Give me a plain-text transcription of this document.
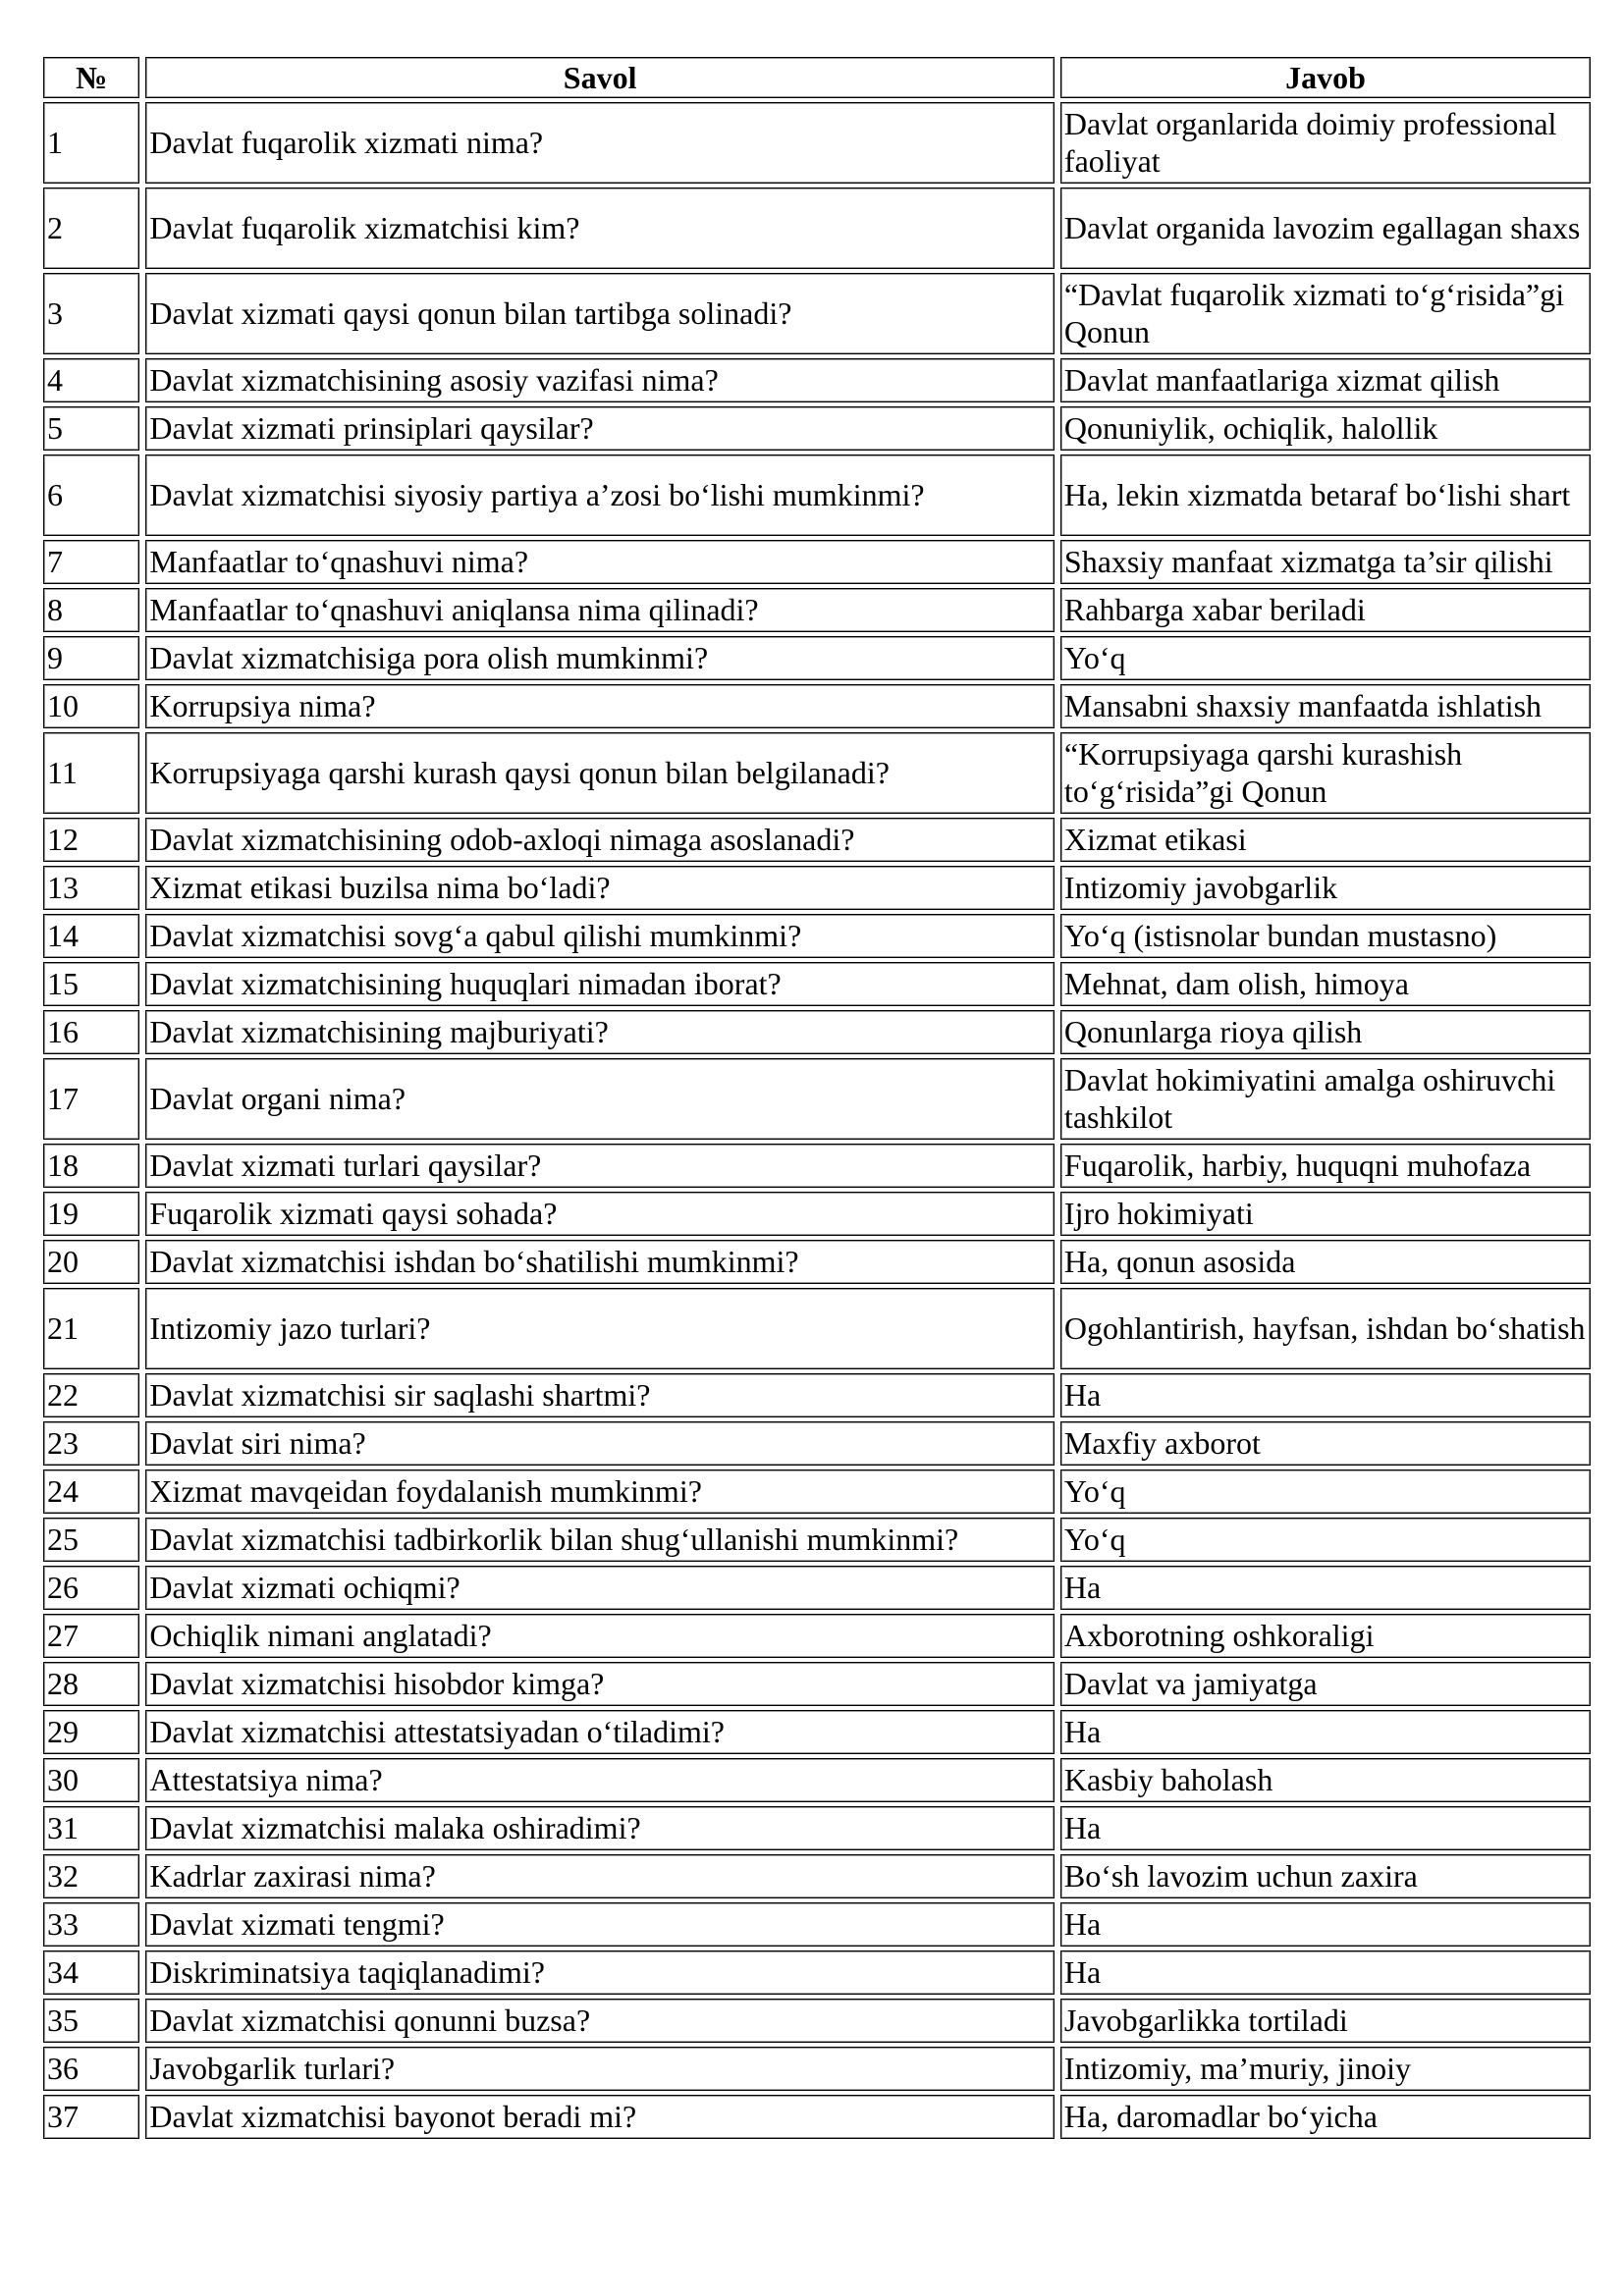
№	Savol	Javob
1	Davlat fuqarolik xizmati nima?	Davlat organlarida doimiy professional faoliyat
2	Davlat fuqarolik xizmatchisi kim?	Davlat organida lavozim egallagan shaxs
3	Davlat xizmati qaysi qonun bilan tartibga solinadi?	“Davlat fuqarolik xizmati to‘g‘risida”gi Qonun
4	Davlat xizmatchisining asosiy vazifasi nima?	Davlat manfaatlariga xizmat qilish
5	Davlat xizmati prinsiplari qaysilar?	Qonuniylik, ochiqlik, halollik
6	Davlat xizmatchisi siyosiy partiya a’zosi bo‘lishi mumkinmi?	Ha, lekin xizmatda betaraf bo‘lishi shart
7	Manfaatlar to‘qnashuvi nima?	Shaxsiy manfaat xizmatga ta’sir qilishi
8	Manfaatlar to‘qnashuvi aniqlansa nima qilinadi?	Rahbarga xabar beriladi
9	Davlat xizmatchisiga pora olish mumkinmi?	Yo‘q
10	Korrupsiya nima?	Mansabni shaxsiy manfaatda ishlatish
11	Korrupsiyaga qarshi kurash qaysi qonun bilan belgilanadi?	“Korrupsiyaga qarshi kurashish to‘g‘risida”gi Qonun
12	Davlat xizmatchisining odob-axloqi nimaga asoslanadi?	Xizmat etikasi
13	Xizmat etikasi buzilsa nima bo‘ladi?	Intizomiy javobgarlik
14	Davlat xizmatchisi sovg‘a qabul qilishi mumkinmi?	Yo‘q (istisnolar bundan mustasno)
15	Davlat xizmatchisining huquqlari nimadan iborat?	Mehnat, dam olish, himoya
16	Davlat xizmatchisining majburiyati?	Qonunlarga rioya qilish
17	Davlat organi nima?	Davlat hokimiyatini amalga oshiruvchi tashkilot
18	Davlat xizmati turlari qaysilar?	Fuqarolik, harbiy, huquqni muhofaza
19	Fuqarolik xizmati qaysi sohada?	Ijro hokimiyati
20	Davlat xizmatchisi ishdan bo‘shatilishi mumkinmi?	Ha, qonun asosida
21	Intizomiy jazo turlari?	Ogohlantirish, hayfsan, ishdan bo‘shatish
22	Davlat xizmatchisi sir saqlashi shartmi?	Ha
23	Davlat siri nima?	Maxfiy axborot
24	Xizmat mavqeidan foydalanish mumkinmi?	Yo‘q
25	Davlat xizmatchisi tadbirkorlik bilan shug‘ullanishi mumkinmi?	Yo‘q
26	Davlat xizmati ochiqmi?	Ha
27	Ochiqlik nimani anglatadi?	Axborotning oshkoraligi
28	Davlat xizmatchisi hisobdor kimga?	Davlat va jamiyatga
29	Davlat xizmatchisi attestatsiyadan o‘tiladimi?	Ha
30	Attestatsiya nima?	Kasbiy baholash
31	Davlat xizmatchisi malaka oshiradimi?	Ha
32	Kadrlar zaxirasi nima?	Bo‘sh lavozim uchun zaxira
33	Davlat xizmati tengmi?	Ha
34	Diskriminatsiya taqiqlanadimi?	Ha
35	Davlat xizmatchisi qonunni buzsa?	Javobgarlikka tortiladi
36	Javobgarlik turlari?	Intizomiy, ma’muriy, jinoiy
37	Davlat xizmatchisi bayonot beradi mi?	Ha, daromadlar bo‘yicha
